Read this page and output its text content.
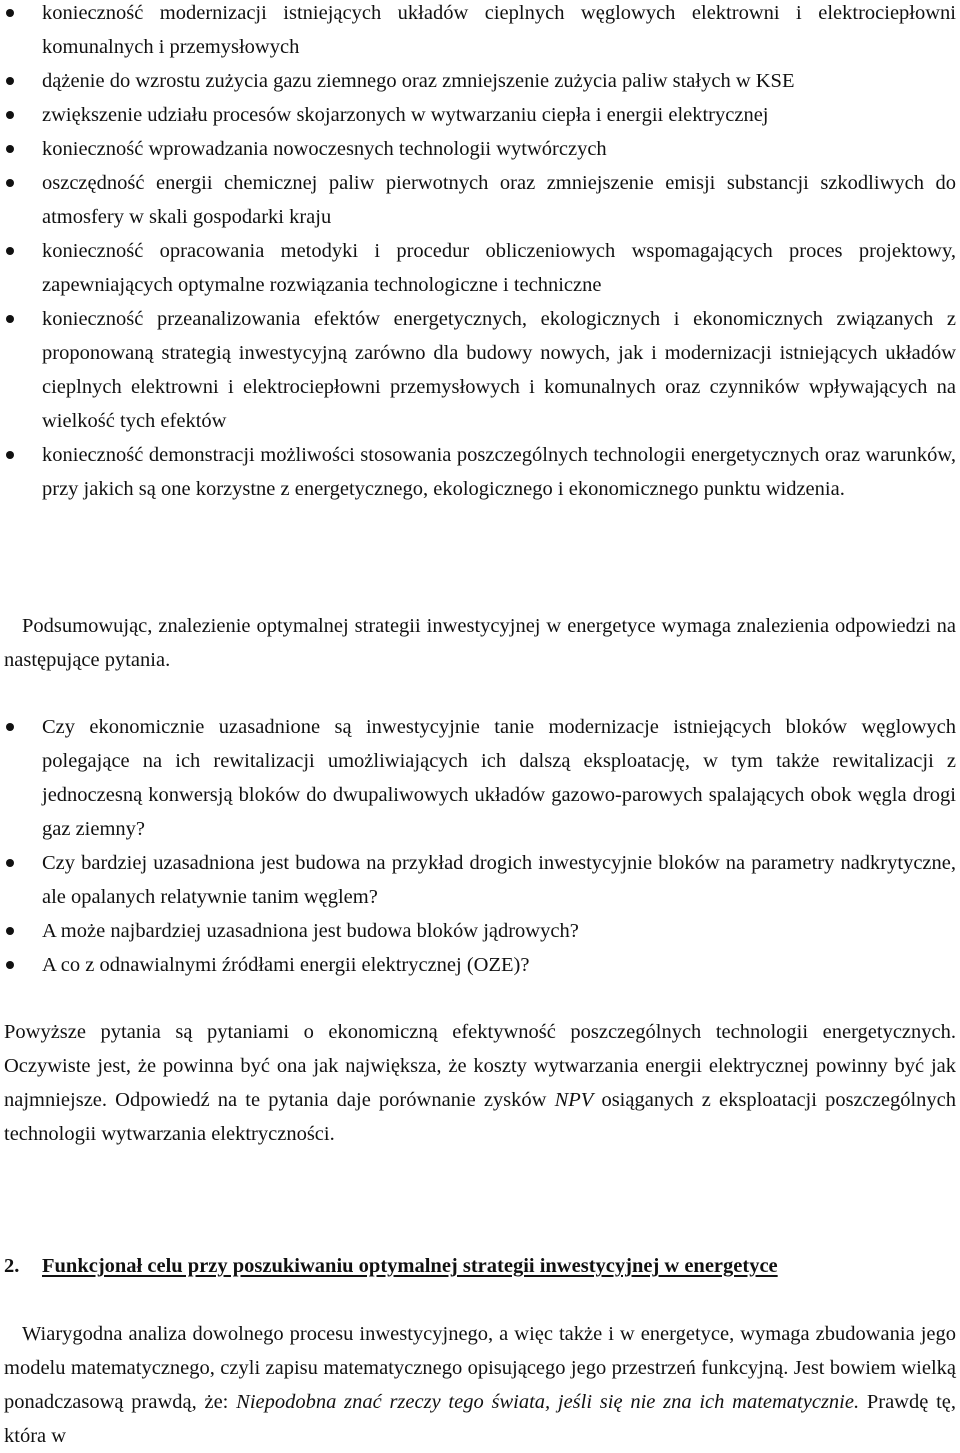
konieczność modernizacji istniejących układów cieplnych węglowych elektrowni i elektrociepłowni komunalnych i przemysłowych
dążenie do wzrostu zużycia gazu ziemnego oraz zmniejszenie zużycia paliw stałych w KSE
zwiększenie udziału procesów skojarzonych w wytwarzaniu ciepła i energii elektrycznej
konieczność wprowadzania nowoczesnych technologii wytwórczych
oszczędność energii chemicznej paliw pierwotnych oraz zmniejszenie emisji substancji szkodliwych do atmosfery w skali gospodarki kraju
konieczność opracowania metodyki i procedur obliczeniowych wspomagających proces projektowy, zapewniających optymalne rozwiązania technologiczne i techniczne
konieczność przeanalizowania efektów energetycznych, ekologicznych i ekonomicznych związanych z proponowaną strategią inwestycyjną zarówno dla budowy nowych, jak i modernizacji istniejących układów cieplnych elektrowni i elektrociepłowni przemysłowych i komunalnych oraz czynników wpływających na wielkość tych efektów
konieczność demonstracji możliwości stosowania poszczególnych technologii energetycznych oraz warunków, przy jakich są one korzystne z energetycznego, ekologicznego i ekonomicznego punktu widzenia.

Podsumowując, znalezienie optymalnej strategii inwestycyjnej w energetyce wymaga znalezienia odpowiedzi na następujące pytania.

Czy ekonomicznie uzasadnione są inwestycyjnie tanie modernizacje istniejących bloków węglowych polegające na ich rewitalizacji umożliwiających ich dalszą eksploatację, w tym także rewitalizacji z jednoczesną konwersją bloków do dwupaliwowych układów gazowo-parowych spalających obok węgla drogi gaz ziemny?
Czy bardziej uzasadniona jest budowa na przykład drogich inwestycyjnie bloków na parametry nadkrytyczne, ale opalanych relatywnie tanim węglem?
A może najbardziej uzasadniona jest budowa bloków jądrowych?
A co z odnawialnymi źródłami energii elektrycznej (OZE)?

Powyższe pytania są pytaniami o ekonomiczną efektywność poszczególnych technologii energetycznych. Oczywiste jest, że powinna być ona jak największa, że koszty wytwarzania energii elektrycznej powinny być jak najmniejsze. Odpowiedź na te pytania daje porównanie zysków NPV osiąganych z eksploatacji poszczególnych technologii wytwarzania elektryczności.

2. Funkcjonał celu przy poszukiwaniu optymalnej strategii inwestycyjnej w energetyce

Wiarygodna analiza dowolnego procesu inwestycyjnego, a więc także i w energetyce, wymaga zbudowania jego modelu matematycznego, czyli zapisu matematycznego opisującego jego przestrzeń funkcyjną. Jest bowiem wielką ponadczasową prawdą, że: Niepodobna znać rzeczy tego świata, jeśli się nie zna ich matematycznie. Prawdę tę, która w
